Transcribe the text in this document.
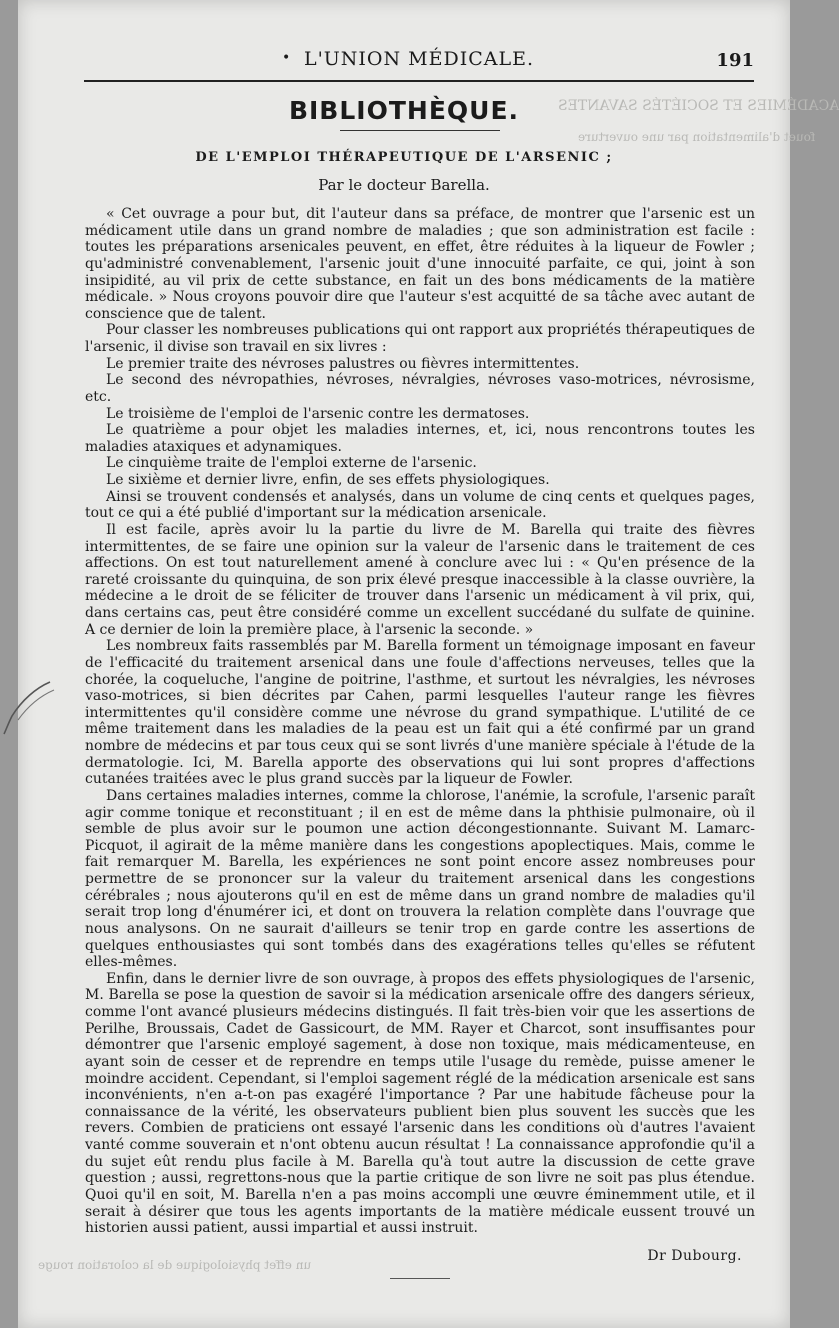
ACADÉMIES ET SOCIÉTÉS SAVANTES
fouet d'alimentation par une ouverture
un effet physiologique de la coloration rouge
• L'UNION MÉDICALE.	191
BIBLIOTHÈQUE.
DE L'EMPLOI THÉRAPEUTIQUE DE L'ARSENIC ;
Par le docteur Barella.

« Cet ouvrage a pour but, dit l'auteur dans sa préface, de montrer que l'arsenic est un médicament utile dans un grand nombre de maladies ; que son administration est facile : toutes les préparations arsenicales peuvent, en effet, être réduites à la liqueur de Fowler ; qu'administré convenablement, l'arsenic jouit d'une innocuité parfaite, ce qui, joint à son insipidité, au vil prix de cette substance, en fait un des bons médicaments de la matière médicale. » Nous croyons pouvoir dire que l'auteur s'est acquitté de sa tâche avec autant de conscience que de talent.

Pour classer les nombreuses publications qui ont rapport aux propriétés thérapeutiques de l'arsenic, il divise son travail en six livres :

Le premier traite des névroses palustres ou fièvres intermittentes.

Le second des névropathies, névroses, névralgies, névroses vaso-motrices, névrosisme, etc.

Le troisième de l'emploi de l'arsenic contre les dermatoses.

Le quatrième a pour objet les maladies internes, et, ici, nous rencontrons toutes les maladies ataxiques et adynamiques.

Le cinquième traite de l'emploi externe de l'arsenic.

Le sixième et dernier livre, enfin, de ses effets physiologiques.

Ainsi se trouvent condensés et analysés, dans un volume de cinq cents et quelques pages, tout ce qui a été publié d'important sur la médication arsenicale.

Il est facile, après avoir lu la partie du livre de M. Barella qui traite des fièvres intermittentes, de se faire une opinion sur la valeur de l'arsenic dans le traitement de ces affections. On est tout naturellement amené à conclure avec lui : « Qu'en présence de la rareté croissante du quinquina, de son prix élevé presque inaccessible à la classe ouvrière, la médecine a le droit de se féliciter de trouver dans l'arsenic un médicament à vil prix, qui, dans certains cas, peut être considéré comme un excellent succédané du sulfate de quinine. A ce dernier de loin la première place, à l'arsenic la seconde. »

Les nombreux faits rassemblés par M. Barella forment un témoignage imposant en faveur de l'efficacité du traitement arsenical dans une foule d'affections nerveuses, telles que la chorée, la coqueluche, l'angine de poitrine, l'asthme, et surtout les névralgies, les névroses vaso-motrices, si bien décrites par Cahen, parmi lesquelles l'auteur range les fièvres intermittentes qu'il considère comme une névrose du grand sympathique. L'utilité de ce même traitement dans les maladies de la peau est un fait qui a été confirmé par un grand nombre de médecins et par tous ceux qui se sont livrés d'une manière spéciale à l'étude de la dermatologie. Ici, M. Barella apporte des observations qui lui sont propres d'affections cutanées traitées avec le plus grand succès par la liqueur de Fowler.

Dans certaines maladies internes, comme la chlorose, l'anémie, la scrofule, l'arsenic paraît agir comme tonique et reconstituant ; il en est de même dans la phthisie pulmonaire, où il semble de plus avoir sur le poumon une action décongestionnante. Suivant M. Lamarc-Picquot, il agirait de la même manière dans les congestions apoplectiques. Mais, comme le fait remarquer M. Barella, les expériences ne sont point encore assez nombreuses pour permettre de se prononcer sur la valeur du traitement arsenical dans les congestions cérébrales ; nous ajouterons qu'il en est de même dans un grand nombre de maladies qu'il serait trop long d'énumérer ici, et dont on trouvera la relation complète dans l'ouvrage que nous analysons. On ne saurait d'ailleurs se tenir trop en garde contre les assertions de quelques enthousiastes qui sont tombés dans des exagérations telles qu'elles se réfutent elles-mêmes.

Enfin, dans le dernier livre de son ouvrage, à propos des effets physiologiques de l'arsenic, M. Barella se pose la question de savoir si la médication arsenicale offre des dangers sérieux, comme l'ont avancé plusieurs médecins distingués. Il fait très-bien voir que les assertions de Perilhe, Broussais, Cadet de Gassicourt, de MM. Rayer et Charcot, sont insuffisantes pour démontrer que l'arsenic employé sagement, à dose non toxique, mais médicamenteuse, en ayant soin de cesser et de reprendre en temps utile l'usage du remède, puisse amener le moindre accident. Cependant, si l'emploi sagement réglé de la médication arsenicale est sans inconvénients, n'en a-t-on pas exagéré l'importance ? Par une habitude fâcheuse pour la connaissance de la vérité, les observateurs publient bien plus souvent les succès que les revers. Combien de praticiens ont essayé l'arsenic dans les conditions où d'autres l'avaient vanté comme souverain et n'ont obtenu aucun résultat ! La connaissance approfondie qu'il a du sujet eût rendu plus facile à M. Barella qu'à tout autre la discussion de cette grave question ; aussi, regrettons-nous que la partie critique de son livre ne soit pas plus étendue. Quoi qu'il en soit, M. Barella n'en a pas moins accompli une œuvre éminemment utile, et il serait à désirer que tous les agents importants de la matière médicale eussent trouvé un historien aussi patient, aussi impartial et aussi instruit.

Dr Dubourg.
